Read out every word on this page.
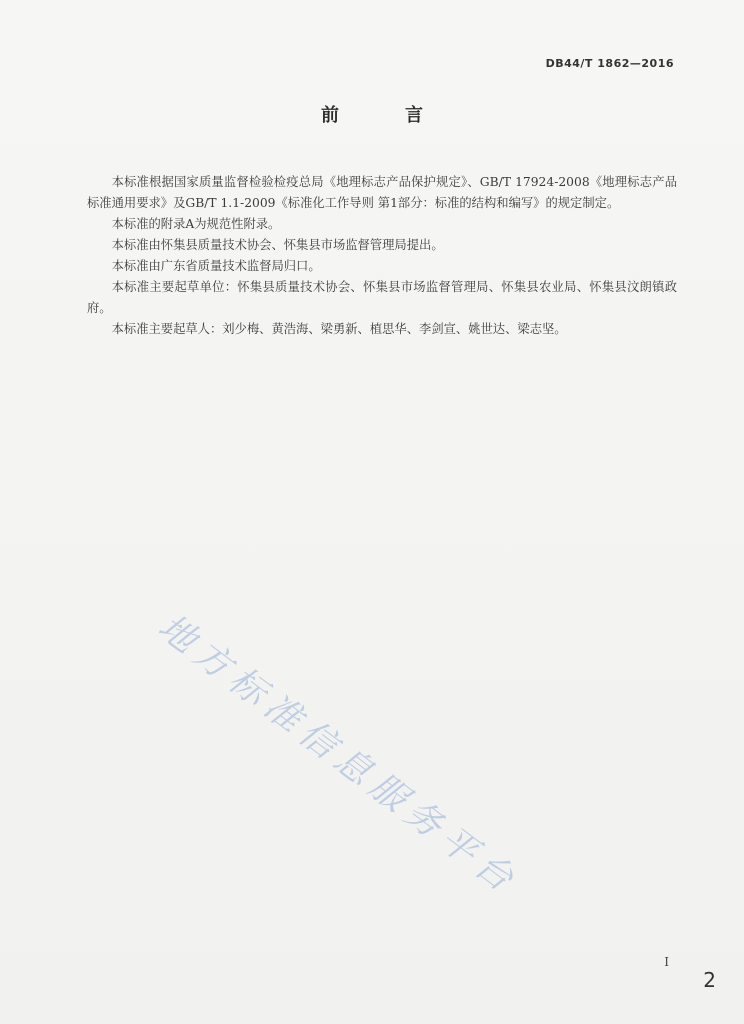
DB44/T 1862—2016
前　言

本标准根据国家质量监督检验检疫总局《地理标志产品保护规定》、GB/T 17924-2008《地理标志产品标准通用要求》及GB/T 1.1-2009《标准化工作导则 第1部分：标准的结构和编写》的规定制定。

本标准的附录A为规范性附录。

本标准由怀集县质量技术协会、怀集县市场监督管理局提出。

本标准由广东省质量技术监督局归口。

本标准主要起草单位：怀集县质量技术协会、怀集县市场监督管理局、怀集县农业局、怀集县汶朗镇政府。

本标准主要起草人：刘少梅、黄浩海、梁勇新、植思华、李剑宣、姚世达、梁志坚。

地方标准信息服务平台
I
2
